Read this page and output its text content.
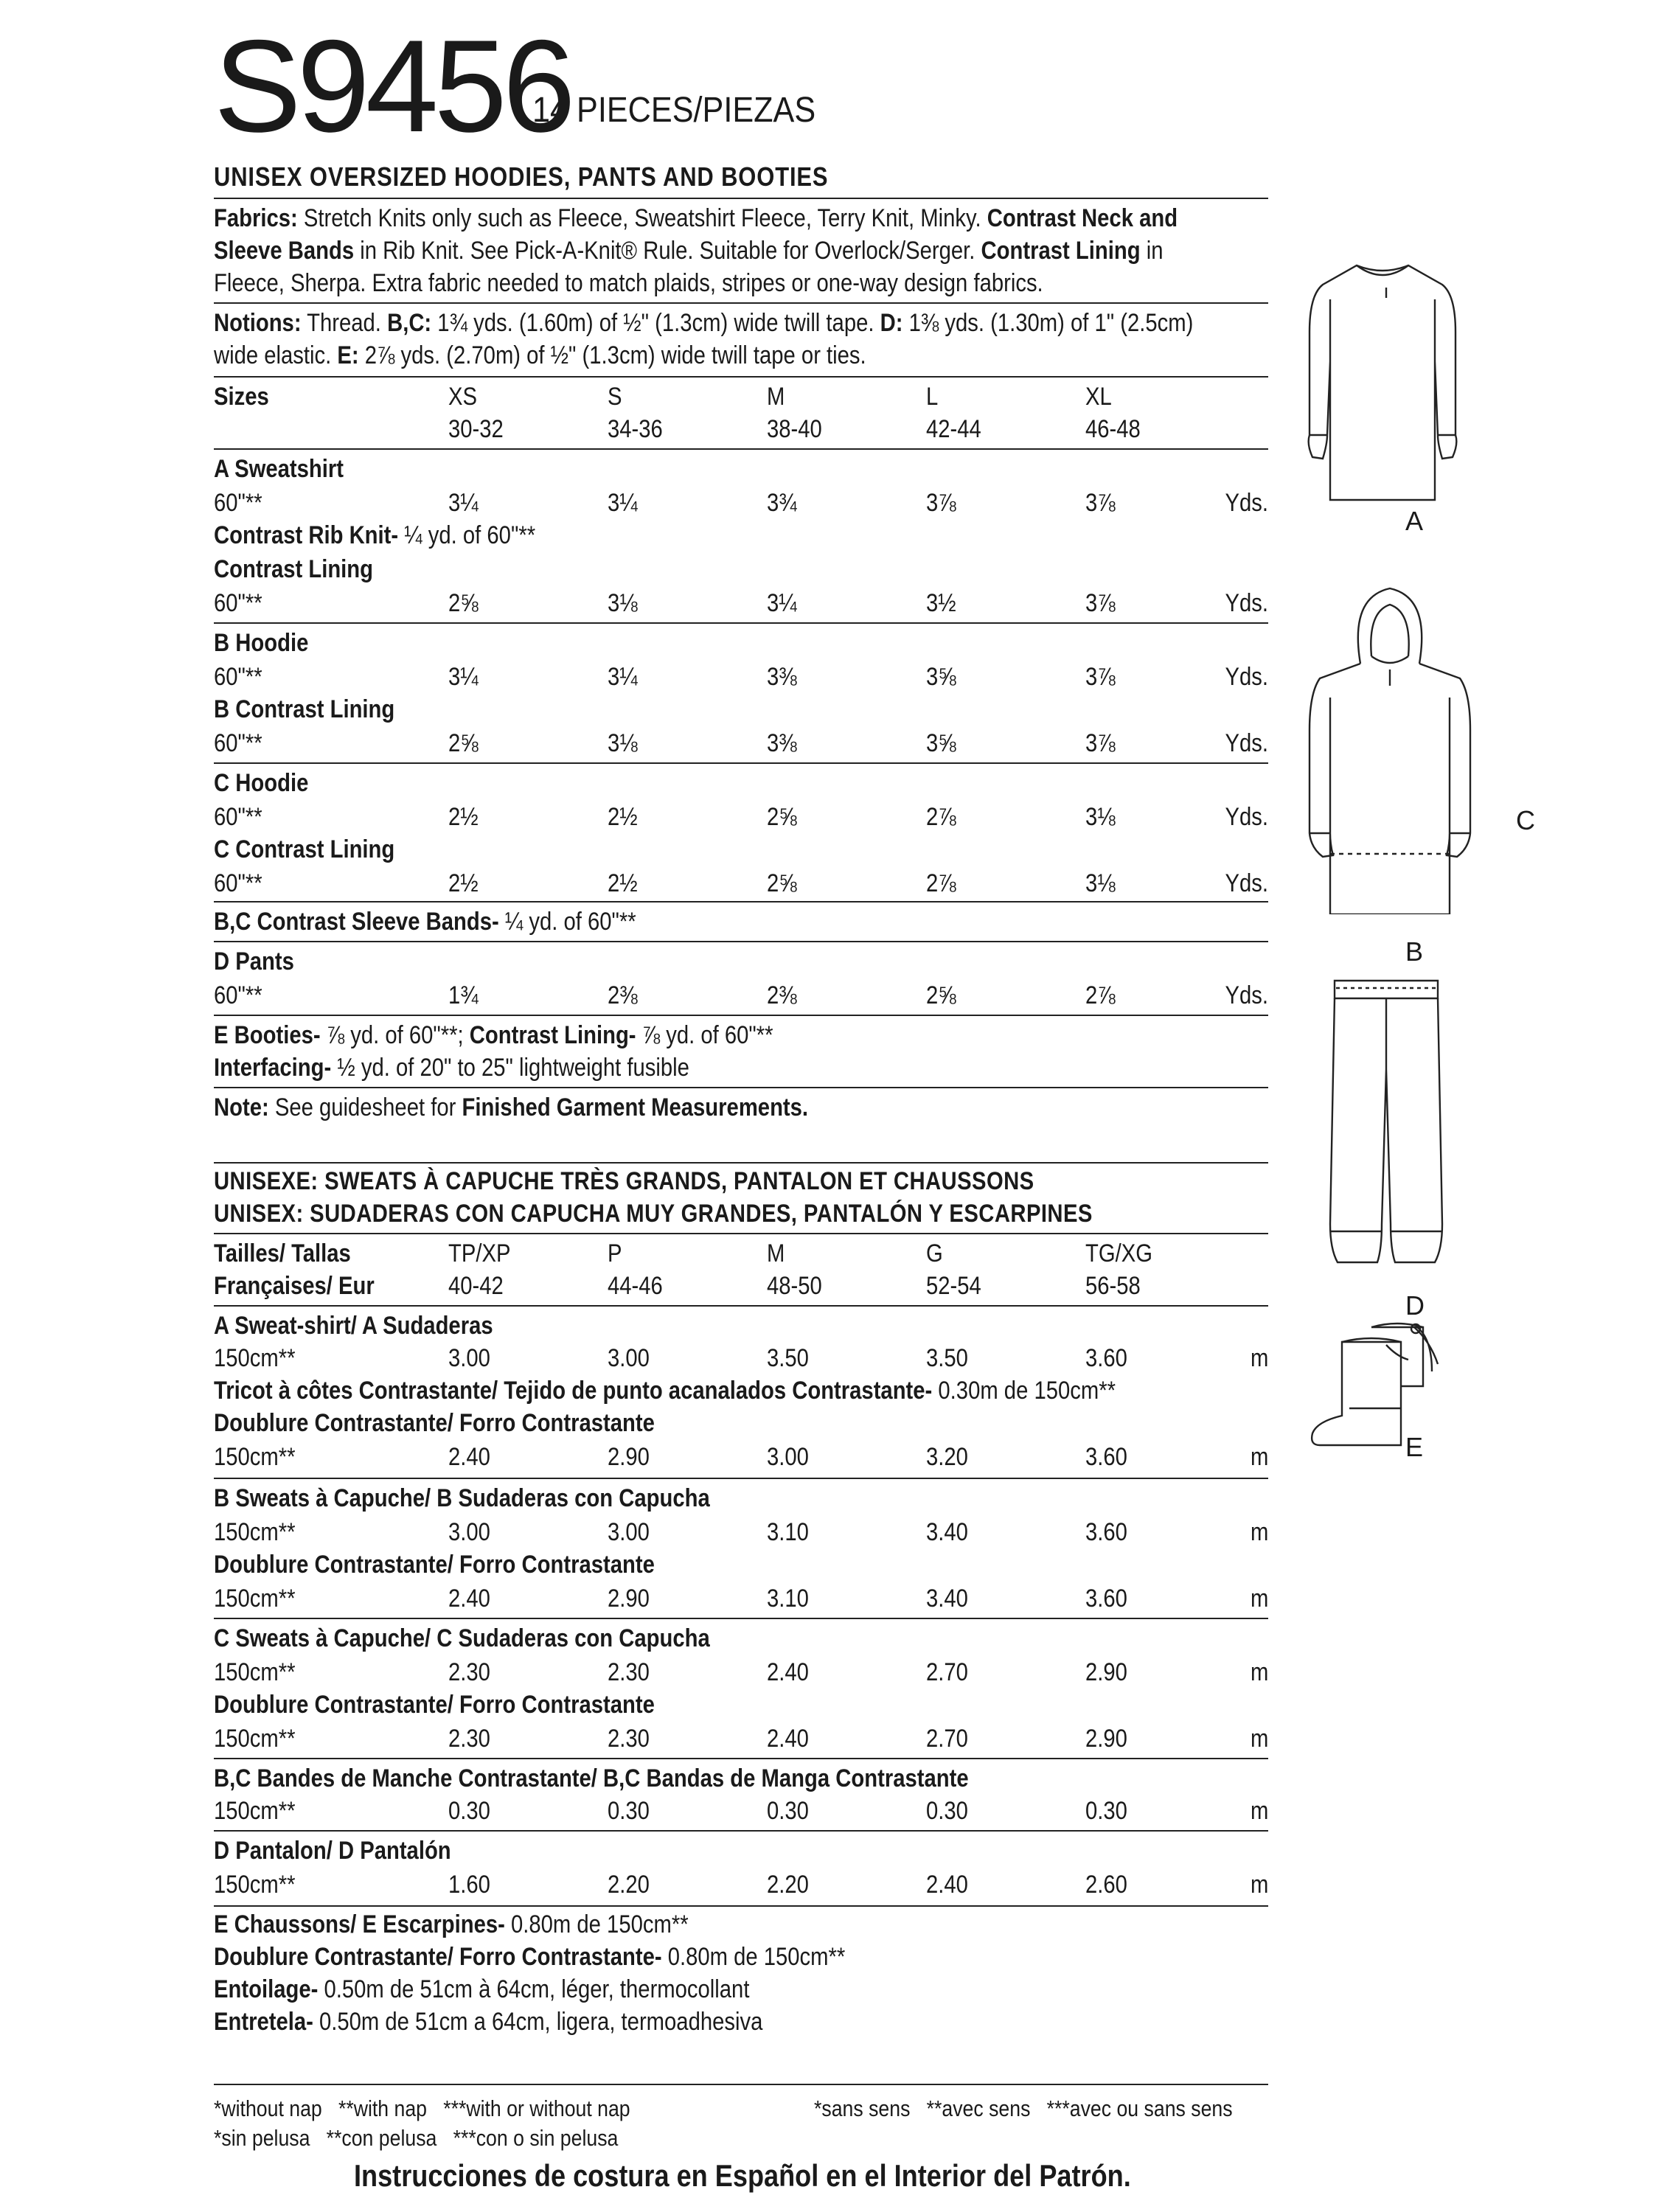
S9456
14 PIECES/PIEZAS
UNISEX OVERSIZED HOODIES, PANTS AND BOOTIES
Fabrics: Stretch Knits only such as Fleece, Sweatshirt Fleece, Terry Knit, Minky. Contrast Neck and
Sleeve Bands in Rib Knit. See Pick-A-Knit® Rule. Suitable for Overlock/Serger. Contrast Lining in
Fleece, Sherpa. Extra fabric needed to match plaids, stripes or one-way design fabrics.
Notions: Thread. B,C: 1¾ yds. (1.60m) of ½" (1.3cm) wide twill tape. D: 1⅜ yds. (1.30m) of 1" (2.5cm)
wide elastic. E: 2⅞ yds. (2.70m) of ½" (1.3cm) wide twill tape or ties.
Sizes	XS	S	M	L	XL
30-32	34-36	38-40	42-44	46-48
A Sweatshirt
60"**	3¼	3¼	3¾	3⅞	3⅞	Yds.
Contrast Rib Knit- ¼ yd. of 60"**
Contrast Lining
60"**	2⅝	3⅛	3¼	3½	3⅞	Yds.
B Hoodie
60"**	3¼	3¼	3⅜	3⅝	3⅞	Yds.
B Contrast Lining
60"**	2⅝	3⅛	3⅜	3⅝	3⅞	Yds.
C Hoodie
60"**	2½	2½	2⅝	2⅞	3⅛	Yds.
C Contrast Lining
60"**	2½	2½	2⅝	2⅞	3⅛	Yds.
B,C Contrast Sleeve Bands- ¼ yd. of 60"**
D Pants
60"**	1¾	2⅜	2⅜	2⅝	2⅞	Yds.
E Booties- ⅞ yd. of 60"**; Contrast Lining- ⅞ yd. of 60"**
Interfacing- ½ yd. of 20" to 25" lightweight fusible
Note: See guidesheet for Finished Garment Measurements.
UNISEXE: SWEATS À CAPUCHE TRÈS GRANDS, PANTALON ET CHAUSSONS
UNISEX: SUDADERAS CON CAPUCHA MUY GRANDES, PANTALÓN Y ESCARPINES
Tailles/ Tallas	TP/XP	P	M	G	TG/XG
Françaises/ Eur	40-42	44-46	48-50	52-54	56-58
A Sweat-shirt/ A Sudaderas
150cm**	3.00	3.00	3.50	3.50	3.60	m
Tricot à côtes Contrastante/ Tejido de punto acanalados Contrastante- 0.30m de 150cm**
Doublure Contrastante/ Forro Contrastante
150cm**	2.40	2.90	3.00	3.20	3.60	m
B Sweats à Capuche/ B Sudaderas con Capucha
150cm**	3.00	3.00	3.10	3.40	3.60	m
Doublure Contrastante/ Forro Contrastante
150cm**	2.40	2.90	3.10	3.40	3.60	m
C Sweats à Capuche/ C Sudaderas con Capucha
150cm**	2.30	2.30	2.40	2.70	2.90	m
Doublure Contrastante/ Forro Contrastante
150cm**	2.30	2.30	2.40	2.70	2.90	m
B,C Bandes de Manche Contrastante/ B,C Bandas de Manga Contrastante
150cm**	0.30	0.30	0.30	0.30	0.30	m
D Pantalon/ D Pantalón
150cm**	1.60	2.20	2.20	2.40	2.60	m
E Chaussons/ E Escarpines- 0.80m de 150cm**
Doublure Contrastante/ Forro Contrastante- 0.80m de 150cm**
Entoilage- 0.50m de 51cm à 64cm, léger, thermocollant
Entretela- 0.50m de 51cm a 64cm, ligera, termoadhesiva
*without nap   **with nap   ***with or without nap
*sin pelusa   **con pelusa   ***con o sin pelusa
*sans sens   **avec sens   ***avec ou sans sens
Instrucciones de costura en Español en el Interior del Patrón.
A
B
C
D
E
